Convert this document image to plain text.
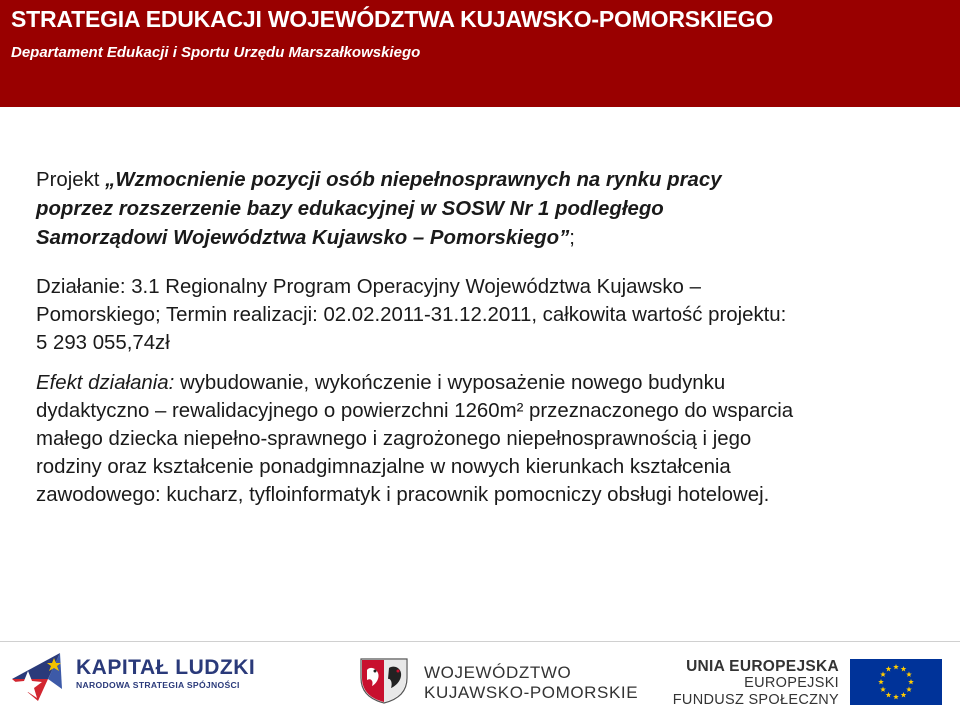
STRATEGIA EDUKACJI WOJEWÓDZTWA KUJAWSKO-POMORSKIEGO
Departament Edukacji i Sportu Urzędu Marszałkowskiego

Projekt „Wzmocnienie pozycji osób niepełnosprawnych na rynku pracy

poprzez rozszerzenie bazy edukacyjnej w SOSW Nr 1 podległego

Samorządowi Województwa Kujawsko – Pomorskiego”;

Działanie: 3.1 Regionalny Program Operacyjny Województwa Kujawsko –

Pomorskiego; Termin realizacji: 02.02.2011-31.12.2011, całkowita wartość projektu:

5 293 055,74zł

Efekt działania: wybudowanie, wykończenie i wyposażenie nowego budynku

dydaktyczno – rewalidacyjnego o powierzchni 1260m² przeznaczonego do wsparcia

małego dziecka niepełno-sprawnego i zagrożonego niepełnosprawnością i jego

rodziny oraz kształcenie ponadgimnazjalne w nowych kierunkach kształcenia

zawodowego: kucharz, tyfloinformatyk i pracownik pomocniczy obsługi hotelowej.

KAPITAŁ LUDZKI
NARODOWA STRATEGIA SPÓJNOŚCI
WOJEWÓDZTWO
KUJAWSKO-POMORSKIE
UNIA EUROPEJSKA
EUROPEJSKI
FUNDUSZ SPOŁECZNY
